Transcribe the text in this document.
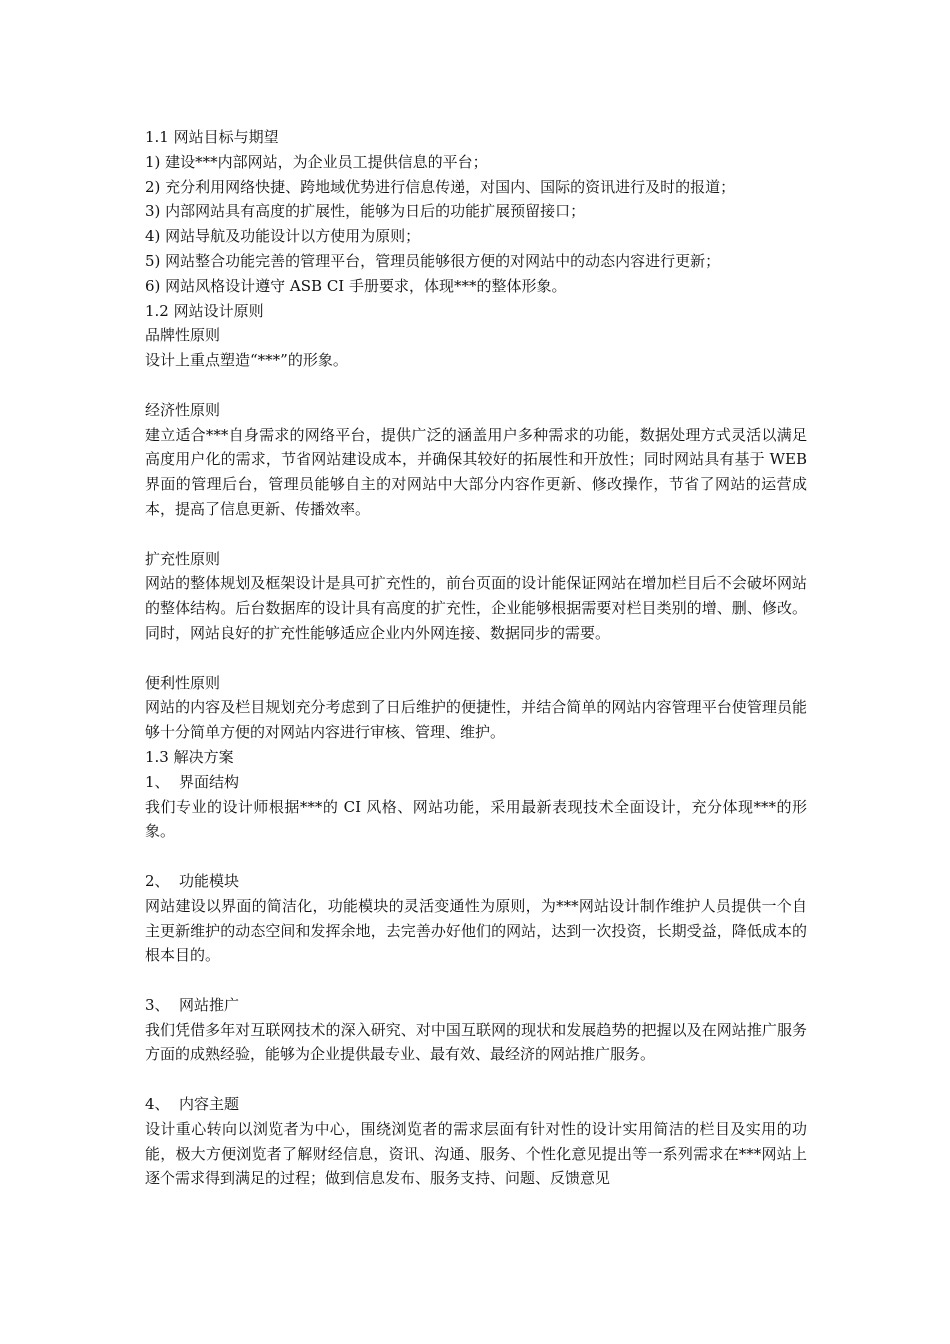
1.1 网站目标与期望
1) 建设***内部网站，为企业员工提供信息的平台；
2) 充分利用网络快捷、跨地域优势进行信息传递，对国内、国际的资讯进行及时的报道；
3) 内部网站具有高度的扩展性，能够为日后的功能扩展预留接口；
4) 网站导航及功能设计以方使用为原则；
5) 网站整合功能完善的管理平台，管理员能够很方便的对网站中的动态内容进行更新；
6) 网站风格设计遵守 ASB CI 手册要求，体现***的整体形象。
1.2 网站设计原则
品牌性原则
设计上重点塑造“***”的形象。
经济性原则
建立适合***自身需求的网络平台，提供广泛的涵盖用户多种需求的功能，数据处理方式灵活以满足高度用户化的需求，节省网站建设成本，并确保其较好的拓展性和开放性；同时网站具有基于 WEB 界面的管理后台，管理员能够自主的对网站中大部分内容作更新、修改操作，节省了网站的运营成本，提高了信息更新、传播效率。
扩充性原则
网站的整体规划及框架设计是具可扩充性的，前台页面的设计能保证网站在增加栏目后不会破坏网站的整体结构。后台数据库的设计具有高度的扩充性，企业能够根据需要对栏目类别的增、删、修改。同时，网站良好的扩充性能够适应企业内外网连接、数据同步的需要。
便利性原则
网站的内容及栏目规划充分考虑到了日后维护的便捷性，并结合简单的网站内容管理平台使管理员能够十分简单方便的对网站内容进行审核、管理、维护。
1.3 解决方案
1、 界面结构
我们专业的设计师根据***的 CI 风格、网站功能，采用最新表现技术全面设计，充分体现***的形象。
2、 功能模块
网站建设以界面的简洁化，功能模块的灵活变通性为原则，为***网站设计制作维护人员提供一个自主更新维护的动态空间和发挥余地，去完善办好他们的网站，达到一次投资，长期受益，降低成本的根本目的。
3、 网站推广
我们凭借多年对互联网技术的深入研究、对中国互联网的现状和发展趋势的把握以及在网站推广服务方面的成熟经验，能够为企业提供最专业、最有效、最经济的网站推广服务。
4、 内容主题
设计重心转向以浏览者为中心，围绕浏览者的需求层面有针对性的设计实用简洁的栏目及实用的功能，极大方便浏览者了解财经信息，资讯、沟通、服务、个性化意见提出等一系列需求在***网站上逐个需求得到满足的过程；做到信息发布、服务支持、问题、反馈意见
